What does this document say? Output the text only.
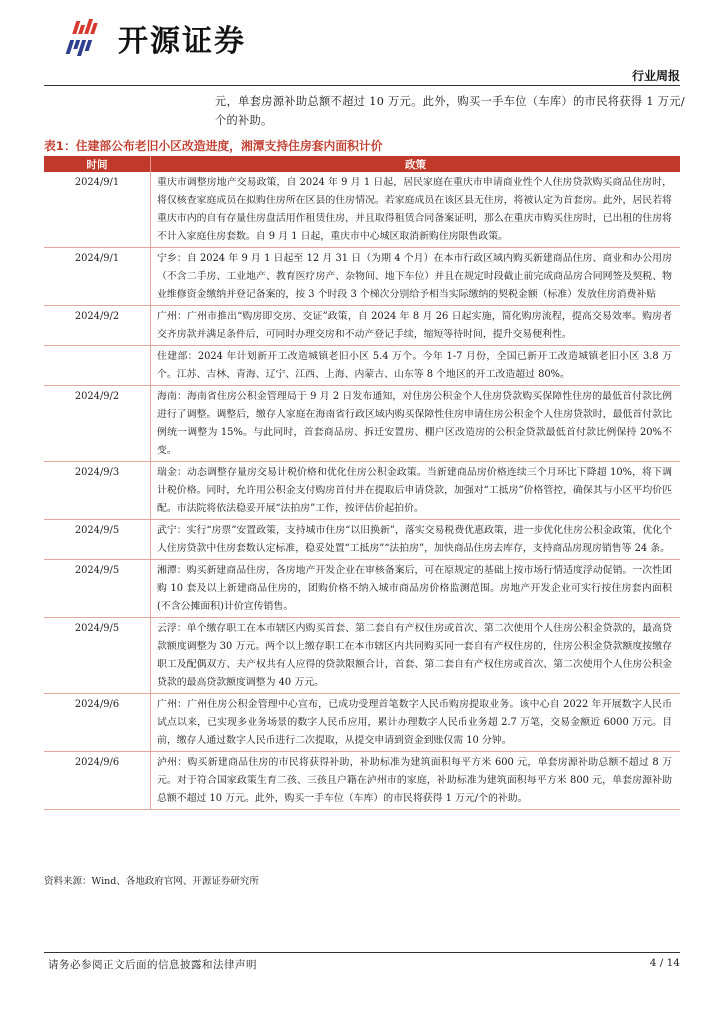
开源证券
行业周报
元，单套房源补助总额不超过 10 万元。此外，购买一手车位（车库）的市民将获得 1 万元/个的补助。
表1：住建部公布老旧小区改造进度，湘潭支持住房套内面积计价
时间	政策
2024/9/1	重庆市调整房地产交易政策，自 2024 年 9 月 1 日起，居民家庭在重庆市申请商业性个人住房贷款购买商品住房时，将仅核查家庭成员在拟购住房所在区县的住房情况。若家庭成员在该区县无住房，将被认定为首套房。此外，居民若将重庆市内的自有存量住房盘活用作租赁住房，并且取得租赁合同备案证明，那么在重庆市购买住房时，已出租的住房将不计入家庭住房套数。自 9 月 1 日起，重庆市中心城区取消新购住房限售政策。
2024/9/1	宁乡：自 2024 年 9 月 1 日起至 12 月 31 日（为期 4 个月）在本市行政区域内购买新建商品住房、商业和办公用房（不含二手房、工业地产、教育医疗房产、杂物间、地下车位）并且在规定时段截止前完成商品房合同网签及契税、物业维修资金缴纳并登记备案的，按 3 个时段 3 个梯次分别给予相当实际缴纳的契税金额（标准）发放住房消费补贴
2024/9/2	广州：广州市推出“购房即交房、交证”政策，自 2024 年 8 月 26 日起实施，简化购房流程，提高交易效率。购房者交齐房款并满足条件后，可同时办理交房和不动产登记手续，缩短等待时间，提升交易便利性。
	住建部：2024 年计划新开工改造城镇老旧小区 5.4 万个。今年 1-7 月份，全国已新开工改造城镇老旧小区 3.8 万个。江苏、吉林、青海、辽宁、江西、上海、内蒙古、山东等 8 个地区的开工改造超过 80%。
2024/9/2	海南：海南省住房公积金管理局于 9 月 2 日发布通知，对住房公积金个人住房贷款购买保障性住房的最低首付款比例进行了调整。调整后，缴存人家庭在海南省行政区域内购买保障性住房申请住房公积金个人住房贷款时，最低首付款比例统一调整为 15%。与此同时，首套商品房、拆迁安置房、棚户区改造房的公积金贷款最低首付款比例保持 20%不变。
2024/9/3	瑞金：动态调整存量房交易计税价格和优化住房公积金政策。当新建商品房价格连续三个月环比下降超 10%，将下调计税价格。同时，允许用公积金支付购房首付并在提取后申请贷款，加强对“工抵房”价格管控，确保其与小区平均价匹配。市法院将依法稳妥开展“法拍房”工作，按评估价起拍价。
2024/9/5	武宁：实行“房票”安置政策，支持城市住房“以旧换新”，落实交易税费优惠政策，进一步优化住房公积金政策，优化个人住房贷款中住房套数认定标准，稳妥处置“工抵房”“法拍房”，加快商品住房去库存，支持商品房现房销售等 24 条。
2024/9/5	湘潭：购买新建商品住房，各房地产开发企业在审核备案后，可在原规定的基础上按市场行情适度浮动促销。一次性团购 10 套及以上新建商品住房的，团购价格不纳入城市商品房价格监测范围。房地产开发企业可实行按住房套内面积(不含公摊面积)计价宣传销售。
2024/9/5	云浮：单个缴存职工在本市辖区内购买首套、第二套自有产权住房或首次、第二次使用个人住房公积金贷款的，最高贷款额度调整为 30 万元。两个以上缴存职工在本市辖区内共同购买同一套自有产权住房的，住房公积金贷款额度按缴存职工及配偶双方、夫产权共有人应得的贷款限额合计，首套、第二套自有产权住房或首次、第二次使用个人住房公积金贷款的最高贷款额度调整为 40 万元。
2024/9/6	广州：广州住房公积金管理中心宣布，已成功受理首笔数字人民币购房提取业务。该中心自 2022 年开展数字人民币试点以来，已实现多业务场景的数字人民币应用，累计办理数字人民币业务超 2.7 万笔，交易金额近 6000 万元。目前，缴存人通过数字人民币进行二次提取，从提交申请到资金到账仅需 10 分钟。
2024/9/6	泸州：购买新建商品住房的市民将获得补助，补助标准为建筑面积每平方米 600 元，单套房源补助总额不超过 8 万元。对于符合国家政策生育二孩、三孩且户籍在泸州市的家庭，补助标准为建筑面积每平方米 800 元，单套房源补助总额不超过 10 万元。此外，购买一手车位（车库）的市民将获得 1 万元/个的补助。
资料来源：Wind、各地政府官网、开源证券研究所
请务必参阅正文后面的信息披露和法律声明	4 / 14
